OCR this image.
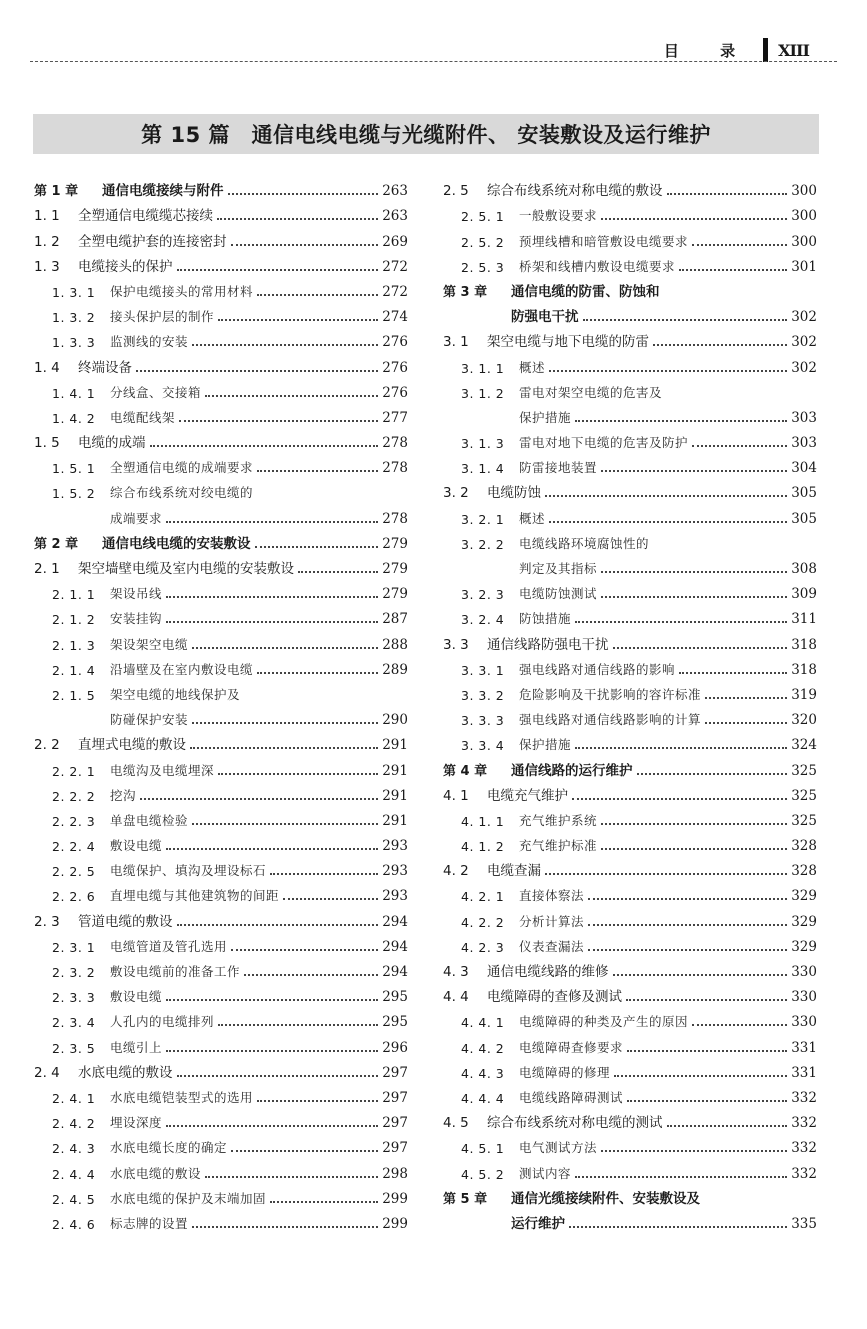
目 录 XIII
第 15 篇　通信电线电缆与光缆附件、 安装敷设及运行维护
第 1 章	通信电缆接续与附件	263
1. 1	全塑通信电缆缆芯接续	263
1. 2	全塑电缆护套的连接密封	269
1. 3	电缆接头的保护	272
1. 3. 1	保护电缆接头的常用材料	272
1. 3. 2	接头保护层的制作	274
1. 3. 3	监测线的安装	276
1. 4	终端设备	276
1. 4. 1	分线盒、交接箱	276
1. 4. 2	电缆配线架	277
1. 5	电缆的成端	278
1. 5. 1	全塑通信电缆的成端要求	278
1. 5. 2	综合布线系统对绞电缆的
成端要求	278
第 2 章	通信电线电缆的安装敷设	279
2. 1	架空墙壁电缆及室内电缆的安装敷设	279
2. 1. 1	架设吊线	279
2. 1. 2	安装挂钩	287
2. 1. 3	架设架空电缆	288
2. 1. 4	沿墙壁及在室内敷设电缆	289
2. 1. 5	架空电缆的地线保护及
防碰保护安装	290
2. 2	直埋式电缆的敷设	291
2. 2. 1	电缆沟及电缆埋深	291
2. 2. 2	挖沟	291
2. 2. 3	单盘电缆检验	291
2. 2. 4	敷设电缆	293
2. 2. 5	电缆保护、填沟及埋设标石	293
2. 2. 6	直埋电缆与其他建筑物的间距	293
2. 3	管道电缆的敷设	294
2. 3. 1	电缆管道及管孔选用	294
2. 3. 2	敷设电缆前的准备工作	294
2. 3. 3	敷设电缆	295
2. 3. 4	人孔内的电缆排列	295
2. 3. 5	电缆引上	296
2. 4	水底电缆的敷设	297
2. 4. 1	水底电缆铠装型式的选用	297
2. 4. 2	埋设深度	297
2. 4. 3	水底电缆长度的确定	297
2. 4. 4	水底电缆的敷设	298
2. 4. 5	水底电缆的保护及末端加固	299
2. 4. 6	标志牌的设置	299
2. 5	综合布线系统对称电缆的敷设	300
2. 5. 1	一般敷设要求	300
2. 5. 2	预埋线槽和暗管敷设电缆要求	300
2. 5. 3	桥架和线槽内敷设电缆要求	301
第 3 章	通信电缆的防雷、防蚀和
防强电干扰	302
3. 1	架空电缆与地下电缆的防雷	302
3. 1. 1	概述	302
3. 1. 2	雷电对架空电缆的危害及
保护措施	303
3. 1. 3	雷电对地下电缆的危害及防护	303
3. 1. 4	防雷接地装置	304
3. 2	电缆防蚀	305
3. 2. 1	概述	305
3. 2. 2	电缆线路环境腐蚀性的
判定及其指标	308
3. 2. 3	电缆防蚀测试	309
3. 2. 4	防蚀措施	311
3. 3	通信线路防强电干扰	318
3. 3. 1	强电线路对通信线路的影响	318
3. 3. 2	危险影响及干扰影响的容许标准	319
3. 3. 3	强电线路对通信线路影响的计算	320
3. 3. 4	保护措施	324
第 4 章	通信线路的运行维护	325
4. 1	电缆充气维护	325
4. 1. 1	充气维护系统	325
4. 1. 2	充气维护标准	328
4. 2	电缆查漏	328
4. 2. 1	直接体察法	329
4. 2. 2	分析计算法	329
4. 2. 3	仪表查漏法	329
4. 3	通信电缆线路的维修	330
4. 4	电缆障碍的查修及测试	330
4. 4. 1	电缆障碍的种类及产生的原因	330
4. 4. 2	电缆障碍查修要求	331
4. 4. 3	电缆障碍的修理	331
4. 4. 4	电缆线路障碍测试	332
4. 5	综合布线系统对称电缆的测试	332
4. 5. 1	电气测试方法	332
4. 5. 2	测试内容	332
第 5 章	通信光缆接续附件、安装敷设及
运行维护	335
